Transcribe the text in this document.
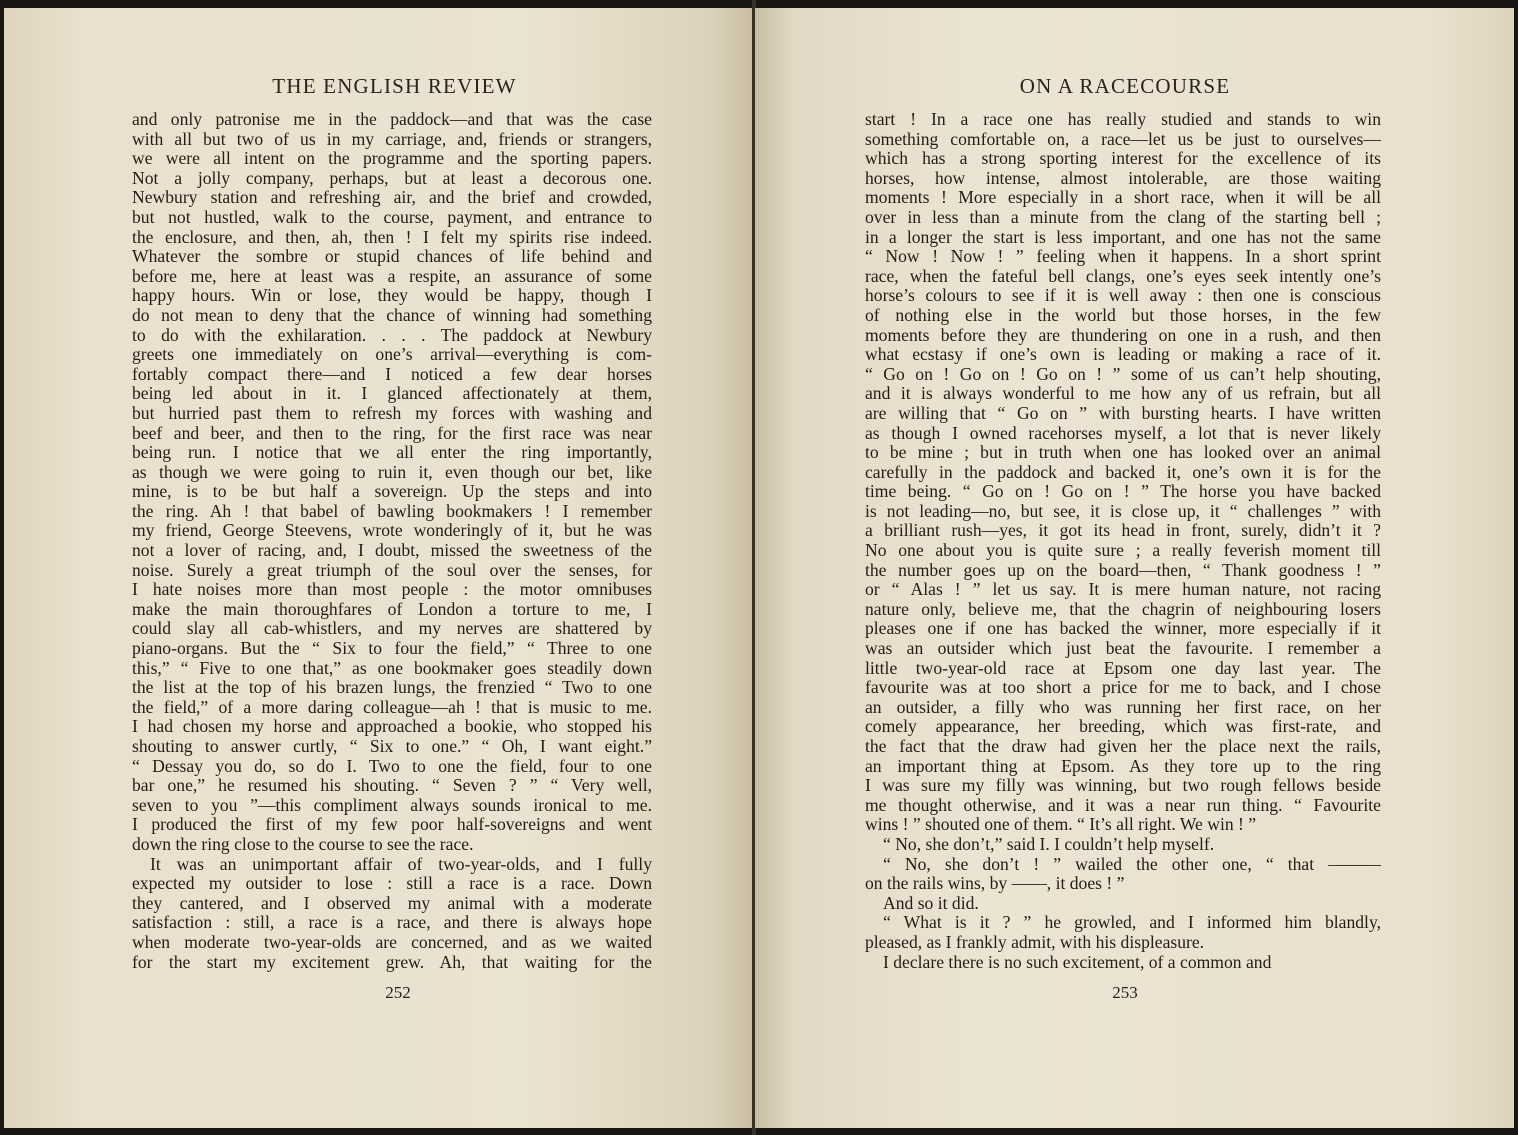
THE ENGLISH REVIEW

and only patronise me in the paddock—and that was the case

with all but two of us in my carriage, and, friends or strangers,

we were all intent on the programme and the sporting papers.

Not a jolly company, perhaps, but at least a decorous one.

Newbury station and refreshing air, and the brief and crowded,

but not hustled, walk to the course, payment, and entrance to

the enclosure, and then, ah, then ! I felt my spirits rise indeed.

Whatever the sombre or stupid chances of life behind and

before me, here at least was a respite, an assurance of some

happy hours. Win or lose, they would be happy, though I

do not mean to deny that the chance of winning had something

to do with the exhilaration. . . . The paddock at Newbury

greets one immediately on one’s arrival—everything is com-

fortably compact there—and I noticed a few dear horses

being led about in it. I glanced affectionately at them,

but hurried past them to refresh my forces with washing and

beef and beer, and then to the ring, for the first race was near

being run. I notice that we all enter the ring importantly,

as though we were going to ruin it, even though our bet, like

mine, is to be but half a sovereign. Up the steps and into

the ring. Ah ! that babel of bawling bookmakers ! I remember

my friend, George Steevens, wrote wonderingly of it, but he was

not a lover of racing, and, I doubt, missed the sweetness of the

noise. Surely a great triumph of the soul over the senses, for

I hate noises more than most people : the motor omnibuses

make the main thoroughfares of London a torture to me, I

could slay all cab-whistlers, and my nerves are shattered by

piano-organs. But the “ Six to four the field,” “ Three to one

this,” “ Five to one that,” as one bookmaker goes steadily down

the list at the top of his brazen lungs, the frenzied “ Two to one

the field,” of a more daring colleague—ah ! that is music to me.

I had chosen my horse and approached a bookie, who stopped his

shouting to answer curtly, “ Six to one.” “ Oh, I want eight.”

“ Dessay you do, so do I. Two to one the field, four to one

bar one,” he resumed his shouting. “ Seven ? ” “ Very well,

seven to you ”—this compliment always sounds ironical to me.

I produced the first of my few poor half-sovereigns and went

down the ring close to the course to see the race.

It was an unimportant affair of two-year-olds, and I fully

expected my outsider to lose : still a race is a race. Down

they cantered, and I observed my animal with a moderate

satisfaction : still, a race is a race, and there is always hope

when moderate two-year-olds are concerned, and as we waited

for the start my excitement grew. Ah, that waiting for the

252
ON A RACECOURSE

start ! In a race one has really studied and stands to win

something comfortable on, a race—let us be just to ourselves—

which has a strong sporting interest for the excellence of its

horses, how intense, almost intolerable, are those waiting

moments ! More especially in a short race, when it will be all

over in less than a minute from the clang of the starting bell ;

in a longer the start is less important, and one has not the same

“ Now ! Now ! ” feeling when it happens. In a short sprint

race, when the fateful bell clangs, one’s eyes seek intently one’s

horse’s colours to see if it is well away : then one is conscious

of nothing else in the world but those horses, in the few

moments before they are thundering on one in a rush, and then

what ecstasy if one’s own is leading or making a race of it.

“ Go on ! Go on ! Go on ! ” some of us can’t help shouting,

and it is always wonderful to me how any of us refrain, but all

are willing that “ Go on ” with bursting hearts. I have written

as though I owned racehorses myself, a lot that is never likely

to be mine ; but in truth when one has looked over an animal

carefully in the paddock and backed it, one’s own it is for the

time being. “ Go on ! Go on ! ” The horse you have backed

is not leading—no, but see, it is close up, it “ challenges ” with

a brilliant rush—yes, it got its head in front, surely, didn’t it ?

No one about you is quite sure ; a really feverish moment till

the number goes up on the board—then, “ Thank goodness ! ”

or “ Alas ! ” let us say. It is mere human nature, not racing

nature only, believe me, that the chagrin of neighbouring losers

pleases one if one has backed the winner, more especially if it

was an outsider which just beat the favourite. I remember a

little two-year-old race at Epsom one day last year. The

favourite was at too short a price for me to back, and I chose

an outsider, a filly who was running her first race, on her

comely appearance, her breeding, which was first-rate, and

the fact that the draw had given her the place next the rails,

an important thing at Epsom. As they tore up to the ring

I was sure my filly was winning, but two rough fellows beside

me thought otherwise, and it was a near run thing. “ Favourite

wins ! ” shouted one of them. “ It’s all right. We win ! ”

“ No, she don’t,” said I. I couldn’t help myself.

“ No, she don’t ! ” wailed the other one, “ that ———

on the rails wins, by ——, it does ! ”

And so it did.

“ What is it ? ” he growled, and I informed him blandly,

pleased, as I frankly admit, with his displeasure.

I declare there is no such excitement, of a common and

253
